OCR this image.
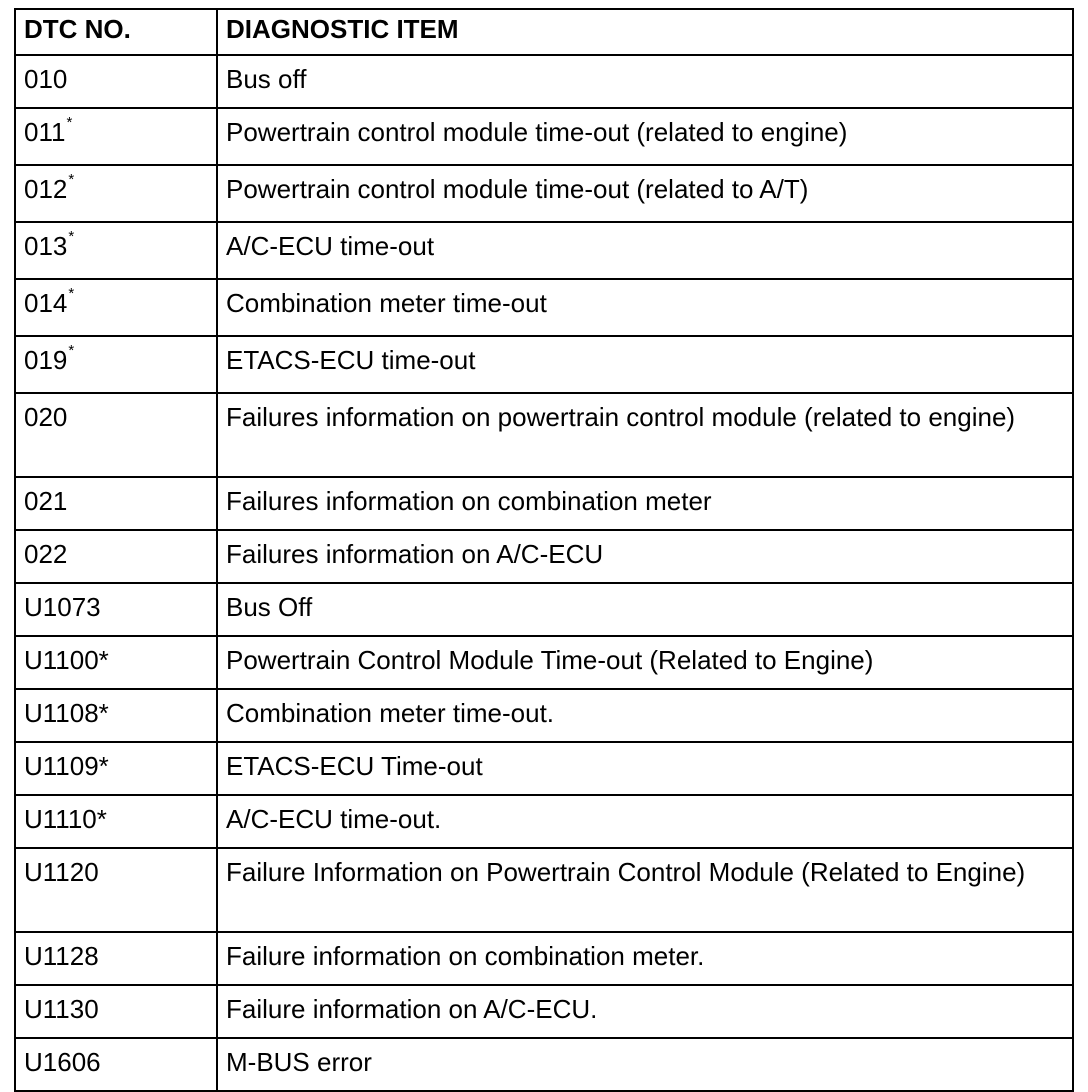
DTC NO.	DIAGNOSTIC ITEM
010	Bus off
011*	Powertrain control module time-out (related to engine)
012*	Powertrain control module time-out (related to A/T)
013*	A/C-ECU time-out
014*	Combination meter time-out
019*	ETACS-ECU time-out
020	Failures information on powertrain control module (related to engine)
021	Failures information on combination meter
022	Failures information on A/C-ECU
U1073	Bus Off
U1100*	Powertrain Control Module Time-out (Related to Engine)
U1108*	Combination meter time-out.
U1109*	ETACS-ECU Time-out
U1110*	A/C-ECU time-out.
U1120	Failure Information on Powertrain Control Module (Related to Engine)
U1128	Failure information on combination meter.
U1130	Failure information on A/C-ECU.
U1606	M-BUS error
